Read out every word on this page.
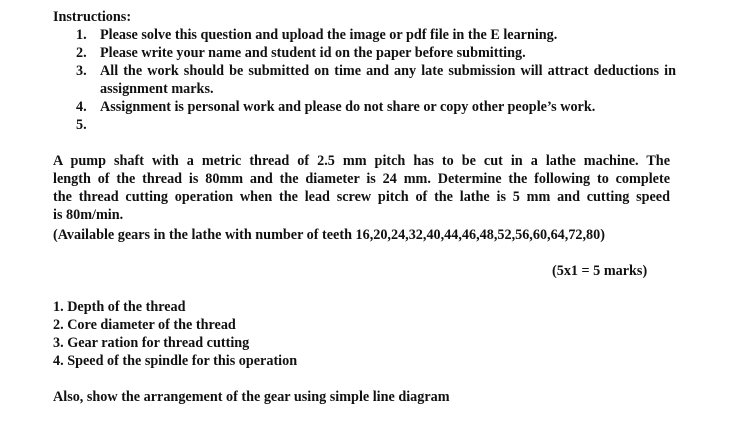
Instructions:
1. Please solve this question and upload the image or pdf file in the E learning.
2. Please write your name and student id on the paper before submitting.
3. All the work should be submitted on time and any late submission will attract deductions in assignment marks.
4. Assignment is personal work and please do not share or copy other people’s work.
5.
A pump shaft with a metric thread of 2.5 mm pitch has to be cut in a lathe machine. The
length of the thread is 80mm and the diameter is 24 mm. Determine the following to complete
the thread cutting operation when the lead screw pitch of the lathe is 5 mm and cutting speed
is 80m/min.
(Available gears in the lathe with number of teeth 16,20,24,32,40,44,46,48,52,56,60,64,72,80)
(5x1 = 5 marks)
1. Depth of the thread
2. Core diameter of the thread
3. Gear ration for thread cutting
4. Speed of the spindle for this operation
Also, show the arrangement of the gear using simple line diagram
